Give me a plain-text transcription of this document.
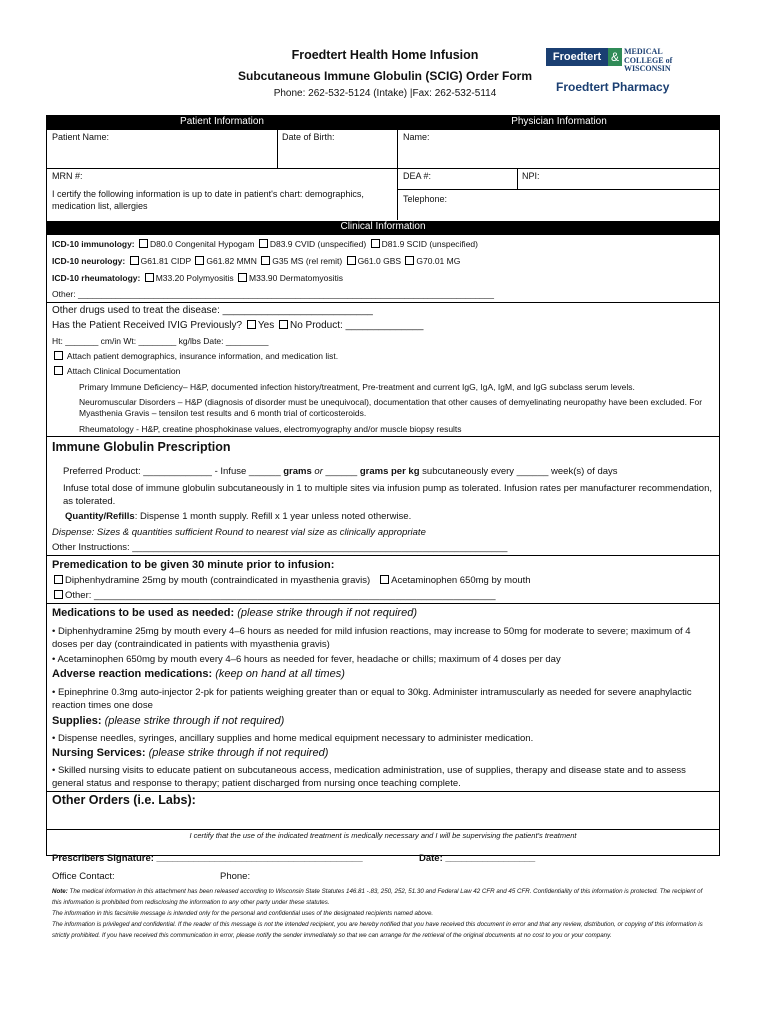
Froedtert Health Home Infusion
Subcutaneous Immune Globulin (SCIG) Order Form
Phone: 262-532-5124 (Intake) |Fax: 262-532-5114
Froedtert & MEDICAL
COLLEGE of
WISCONSIN
Froedtert Pharmacy
Patient Information	Physician Information
Patient Name:	Date of Birth:	Name:
MRN #:	DEA #:	NPI:
I certify the following information is up to date in patient's chart: demographics, medication list, allergies
Telephone:
Clinical Information
ICD-10 immunology: D80.0 Congenital Hypogam D83.9 CVID (unspecified) D81.9 SCID (unspecified)
ICD-10 neurology: G61.81 CIDP G61.82 MMN G35 MS (rel remit) G61.0 GBS G70.01 MG
ICD-10 rheumatology: M33.20 Polymyositis M33.90 Dermatomyositis
Other: ________________________________________________________________________________________
Other drugs used to treat the disease: ___________________________
Has the Patient Received IVIG Previously? Yes No Product: ______________
Ht: _______ cm/in Wt: ________ kg/lbs Date: _________
Attach patient demographics, insurance information, and medication list.
Attach Clinical Documentation
Primary Immune Deficiency– H&P, documented infection history/treatment, Pre-treatment and current IgG, IgA, IgM, and IgG subclass serum levels.
Neuromuscular Disorders – H&P (diagnosis of disorder must be unequivocal), documentation that other causes of demyelinating neuropathy have been excluded. For Myasthenia Gravis – tensilon test results and 6 month trial of corticosteroids.
Rheumatology - H&P, creatine phosphokinase values, electromyography and/or muscle biopsy results
Immune Globulin Prescription
Preferred Product: _____________ - Infuse ______ grams or ______ grams per kg subcutaneously every ______ week(s) of days
Infuse total dose of immune globulin subcutaneously in 1 to multiple sites via infusion pump as tolerated. Infusion rates per manufacturer recommendation, as tolerated.
Quantity/Refills: Dispense 1 month supply. Refill x 1 year unless noted otherwise.
Dispense: Sizes & quantities sufficient Round to nearest vial size as clinically appropriate
Other Instructions: _______________________________________________________________________
Premedication to be given 30 minute prior to infusion:
Diphenhydramine 25mg by mouth (contraindicated in myasthenia gravis) Acetaminophen 650mg by mouth
Other: ____________________________________________________________________________
Medications to be used as needed: (please strike through if not required)
• Diphenhydramine 25mg by mouth every 4–6 hours as needed for mild infusion reactions, may increase to 50mg for moderate to severe; maximum of 4 doses per day (contraindicated in patients with myasthenia gravis)
• Acetaminophen 650mg by mouth every 4–6 hours as needed for fever, headache or chills; maximum of 4 doses per day
Adverse reaction medications: (keep on hand at all times)
• Epinephrine 0.3mg auto-injector 2-pk for patients weighing greater than or equal to 30kg. Administer intramuscularly as needed for severe anaphylactic reaction times one dose
Supplies: (please strike through if not required)
• Dispense needles, syringes, ancillary supplies and home medical equipment necessary to administer medication.
Nursing Services: (please strike through if not required)
• Skilled nursing visits to educate patient on subcutaneous access, medication administration, use of supplies, therapy and disease state and to assess general status and response to therapy; patient discharged from nursing once teaching complete.
Other Orders (i.e. Labs):
I certify that the use of the indicated treatment is medically necessary and I will be supervising the patient's treatment
Prescribers Signature: _______________________________________	Date: _________________
Office Contact:	Phone:
Note: The medical information in this attachment has been released according to Wisconsin State Statutes 146.81 -.83, 250, 252, 51.30 and Federal Law 42 CFR and 45 CFR. Confidentiality of this information is protected. The recipient of this information is prohibited from redisclosing the information to any other party under these statutes.
The information in this facsimile message is intended only for the personal and confidential uses of the designated recipients named above.
The information is privileged and confidential. If the reader of this message is not the intended recipient, you are hereby notified that you have received this document in error and that any review, distribution, or copying of this information is strictly prohibited. If you have received this communication in error, please notify the sender immediately so that we can arrange for the retrieval of the original documents at no cost to you or your company.
